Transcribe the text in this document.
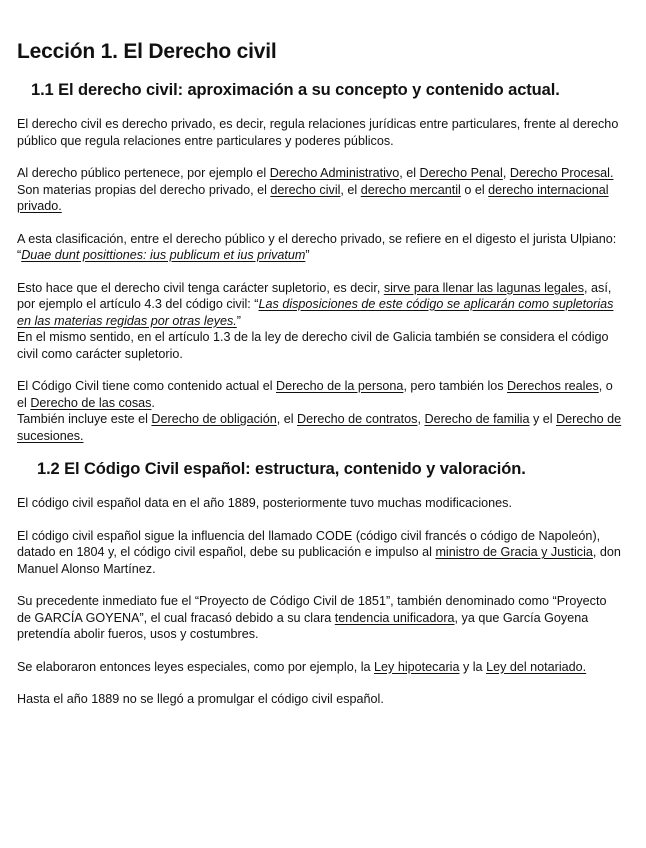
Lección 1. El Derecho civil
1.1 El derecho civil: aproximación a su concepto y contenido actual.

El derecho civil es derecho privado, es decir, regula relaciones jurídicas entre particulares, frente al derecho público que regula relaciones entre particulares y poderes públicos.

Al derecho público pertenece, por ejemplo el Derecho Administrativo, el Derecho Penal, Derecho Procesal.

Son materias propias del derecho privado, el derecho civil, el derecho mercantil o el derecho internacional privado.

A esta clasificación, entre el derecho público y el derecho privado, se refiere en el digesto el jurista Ulpiano: “Duae dunt posittiones: ius publicum et ius privatum”

Esto hace que el derecho civil tenga carácter supletorio, es decir, sirve para llenar las lagunas legales, así, por ejemplo el artículo 4.3 del código civil: “Las disposiciones de este código se aplicarán como supletorias en las materias regidas por otras leyes.”

En el mismo sentido, en el artículo 1.3 de la ley de derecho civil de Galicia también se considera el código civil como carácter supletorio.

El Código Civil tiene como contenido actual el Derecho de la persona, pero también los Derechos reales, o el Derecho de las cosas.

También incluye este el Derecho de obligación, el Derecho de contratos, Derecho de familia y el Derecho de sucesiones.

1.2 El Código Civil español: estructura, contenido y valoración.

El código civil español data en el año 1889, posteriormente tuvo muchas modificaciones.

El código civil español sigue la influencia del llamado CODE (código civil francés o código de Napoleón), datado en 1804 y, el código civil español, debe su publicación e impulso al ministro de Gracia y Justicia, don Manuel Alonso Martínez.

Su precedente inmediato fue el “Proyecto de Código Civil de 1851”, también denominado como “Proyecto de GARCÍA GOYENA”, el cual fracasó debido a su clara tendencia unificadora, ya que García Goyena pretendía abolir fueros, usos y costumbres.

Se elaboraron entonces leyes especiales, como por ejemplo, la Ley hipotecaria y la Ley del notariado.

Hasta el año 1889 no se llegó a promulgar el código civil español.
